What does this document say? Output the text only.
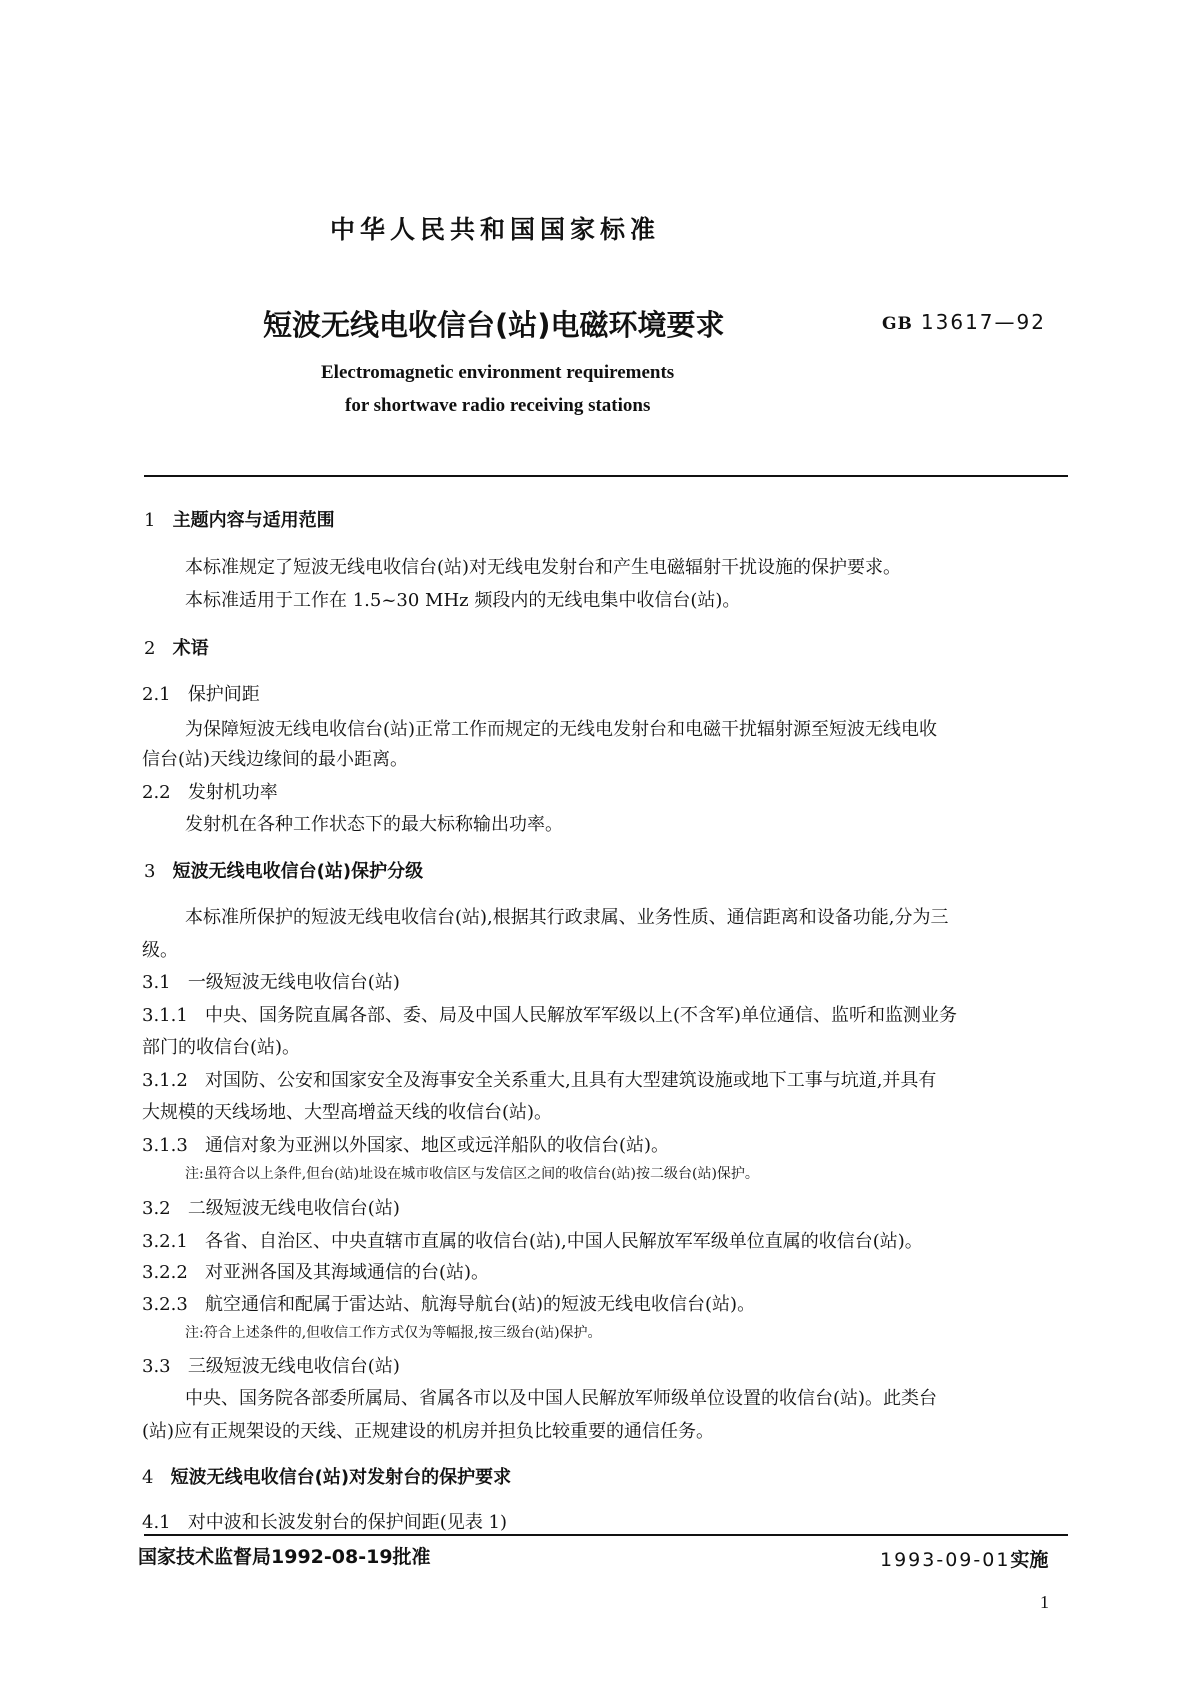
中华人民共和国国家标准
短波无线电收信台(站)电磁环境要求	GB 13617—92
Electromagnetic environment requirements
for shortwave radio receiving stations
1 主题内容与适用范围
本标准规定了短波无线电收信台(站)对无线电发射台和产生电磁辐射干扰设施的保护要求。
本标准适用于工作在 1.5~30 MHz 频段内的无线电集中收信台(站)。
2 术语
2.1 保护间距
为保障短波无线电收信台(站)正常工作而规定的无线电发射台和电磁干扰辐射源至短波无线电收
信台(站)天线边缘间的最小距离。
2.2 发射机功率
发射机在各种工作状态下的最大标称输出功率。
3 短波无线电收信台(站)保护分级
本标准所保护的短波无线电收信台(站),根据其行政隶属、业务性质、通信距离和设备功能,分为三
级。
3.1 一级短波无线电收信台(站)
3.1.1 中央、国务院直属各部、委、局及中国人民解放军军级以上(不含军)单位通信、监听和监测业务
部门的收信台(站)。
3.1.2 对国防、公安和国家安全及海事安全关系重大,且具有大型建筑设施或地下工事与坑道,并具有
大规模的天线场地、大型高增益天线的收信台(站)。
3.1.3 通信对象为亚洲以外国家、地区或远洋船队的收信台(站)。
注:虽符合以上条件,但台(站)址设在城市收信区与发信区之间的收信台(站)按二级台(站)保护。
3.2 二级短波无线电收信台(站)
3.2.1 各省、自治区、中央直辖市直属的收信台(站),中国人民解放军军级单位直属的收信台(站)。
3.2.2 对亚洲各国及其海域通信的台(站)。
3.2.3 航空通信和配属于雷达站、航海导航台(站)的短波无线电收信台(站)。
注:符合上述条件的,但收信工作方式仅为等幅报,按三级台(站)保护。
3.3 三级短波无线电收信台(站)
中央、国务院各部委所属局、省属各市以及中国人民解放军师级单位设置的收信台(站)。此类台
(站)应有正规架设的天线、正规建设的机房并担负比较重要的通信任务。
4 短波无线电收信台(站)对发射台的保护要求
4.1 对中波和长波发射台的保护间距(见表 1)
国家技术监督局1992-08-19批准	1993-09-01实施
1
